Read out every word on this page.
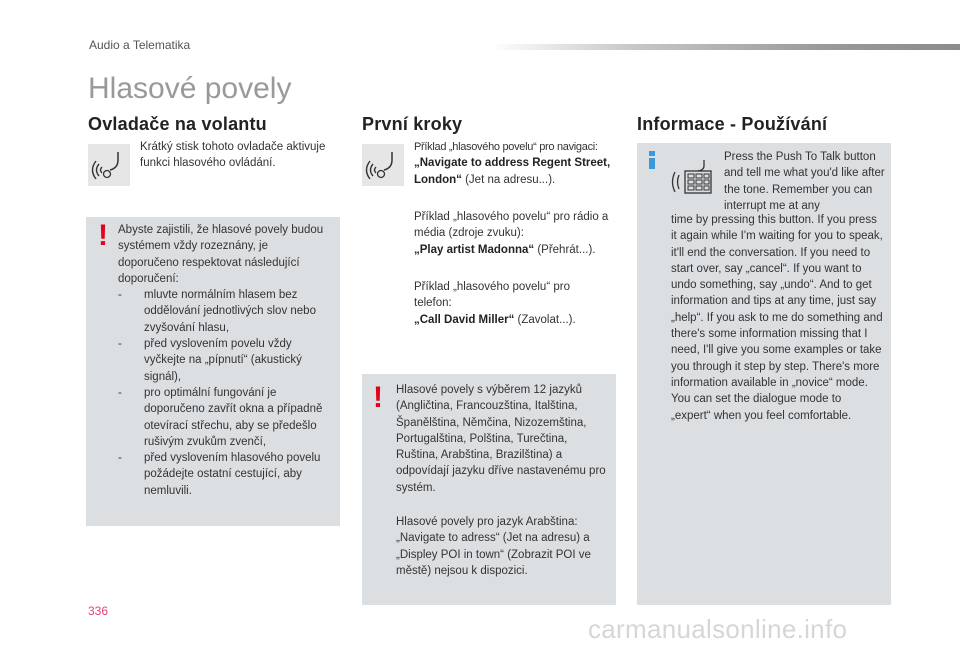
Audio a Telematika
Hlasové povely
Ovladače na volantu
Krátký stisk tohoto ovladače aktivuje funkci hlasového ovládání.
! Abyste zajistili, že hlasové povely budou systémem vždy rozeznány, je doporučeno respektovat následující doporučení:

- mluvte normálním hlasem bez oddělování jednotlivých slov nebo zvyšování hlasu,
- před vyslovením povelu vždy vyčkejte na „pípnutí“ (akustický signál),
- pro optimální fungování je doporučeno zavřít okna a případně otevírací střechu, aby se předešlo rušivým zvukům zvenčí,
- před vyslovením hlasového povelu požádejte ostatní cestující, aby nemluvili.
První kroky

Příklad „hlasového povelu“ pro navigaci:

„Navigate to address Regent Street, London“ (Jet na adresu...).

Příklad „hlasového povelu“ pro rádio a média (zdroje zvuku):

„Play artist Madonna“ (Přehrát...).

Příklad „hlasového povelu“ pro telefon:

„Call David Miller“ (Zavolat...).

! Hlasové povely s výběrem 12 jazyků (Angličtina, Francouzština, Italština, Španělština, Němčina, Nizozemština, Portugalština, Polština, Turečtina, Ruština, Arabština, Brazilština) a odpovídají jazyku dříve nastavenému pro systém.

Hlasové povely pro jazyk Arabština: „Navigate to adress“ (Jet na adresu) a „Displey POI in town“ (Zobrazit POI ve městě) nejsou k dispozici.

Informace - Používání
Press the Push To Talk button and tell me what you'd like after the tone. Remember you can interrupt me at any
time by pressing this button. If you press it again while I'm waiting for you to speak, it'll end the conversation. If you need to start over, say „cancel“. If you want to undo something, say „undo“. And to get information and tips at any time, just say „help“. If you ask to me do something and there's some information missing that I need, I'll give you some examples or take you through it step by step. There's more information available in „novice“ mode. You can set the dialogue mode to „expert“ when you feel comfortable.
336
carmanualsonline.info
